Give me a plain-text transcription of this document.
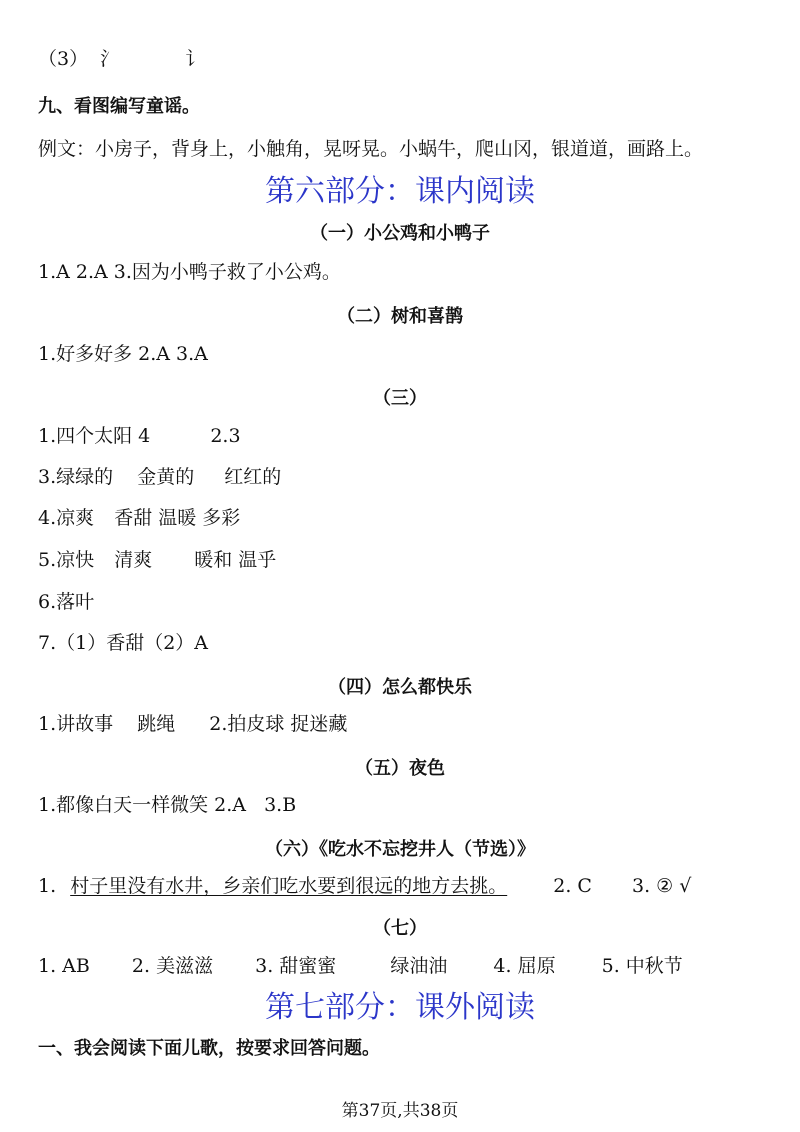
（3） 氵	讠
九、看图编写童谣。
例文：小房子，背身上，小触角，晃呀晃。小蜗牛，爬山冈，银道道，画路上。
第六部分：课内阅读
（一）小公鸡和小鸭子
1.A 2.A 3.因为小鸭子救了小公鸡。
（二）树和喜鹊
1.好多好多 2.A 3.A
（三）
1.四个太阳 4	2.3
3.绿绿的 金黄的 红红的
4.凉爽 香甜 温暖 多彩
5.凉快 清爽 暖和 温乎
6.落叶
7.（1）香甜（2）A
（四）怎么都快乐
1.讲故事 跳绳 2.拍皮球 捉迷藏
（五）夜色
1.都像白天一样微笑 2.A 3.B
（六）《吃水不忘挖井人（节选）》
1. 村子里没有水井，乡亲们吃水要到很远的地方去挑。 2. C 3. ② √
（七）
1. AB 2. 美滋滋 3. 甜蜜蜜	绿油油 4. 屈原 5. 中秋节
第七部分：课外阅读
一、我会阅读下面儿歌，按要求回答问题。
第37页,共38页
